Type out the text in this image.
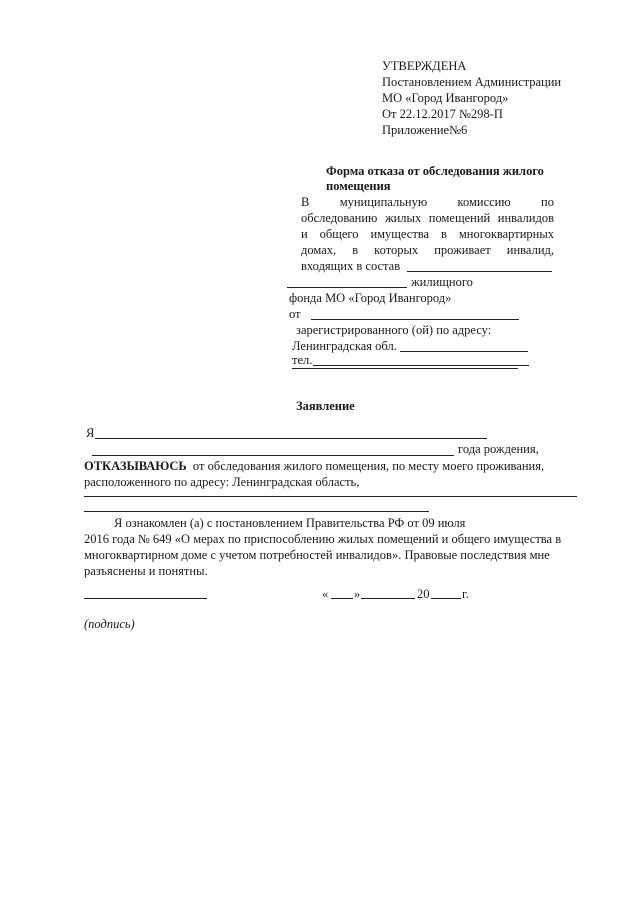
УТВЕРЖДЕНА
Постановлением Администрации
МО «Город Ивангород»
От 22.12.2017 №298-П
Приложение№6
Форма отказа от обследования жилого
помещения
В муниципальную комиссию по
обследованию жилых помещений инвалидов
и общего имущества в многоквартирных
домах, в которых проживает инвалид,
входящих в состав
жилищного
фонда МО «Город Ивангород»
от
зарегистрированного (ой) по адресу:
Ленинградская обл.
тел.
Заявление
Я
года рождения,
ОТКАЗЫВАЮСЬ от обследования жилого помещения, по месту моего проживания,
расположенного по адресу: Ленинградская область,
Я ознакомлен (а) с постановлением Правительства РФ от 09 июля
2016 года № 649 «О мерах по приспособлению жилых помещений и общего имущества в
многоквартирном доме с учетом потребностей инвалидов». Правовые последствия мне
разъяснены и понятны.
« »	20	г.
(подпись)
